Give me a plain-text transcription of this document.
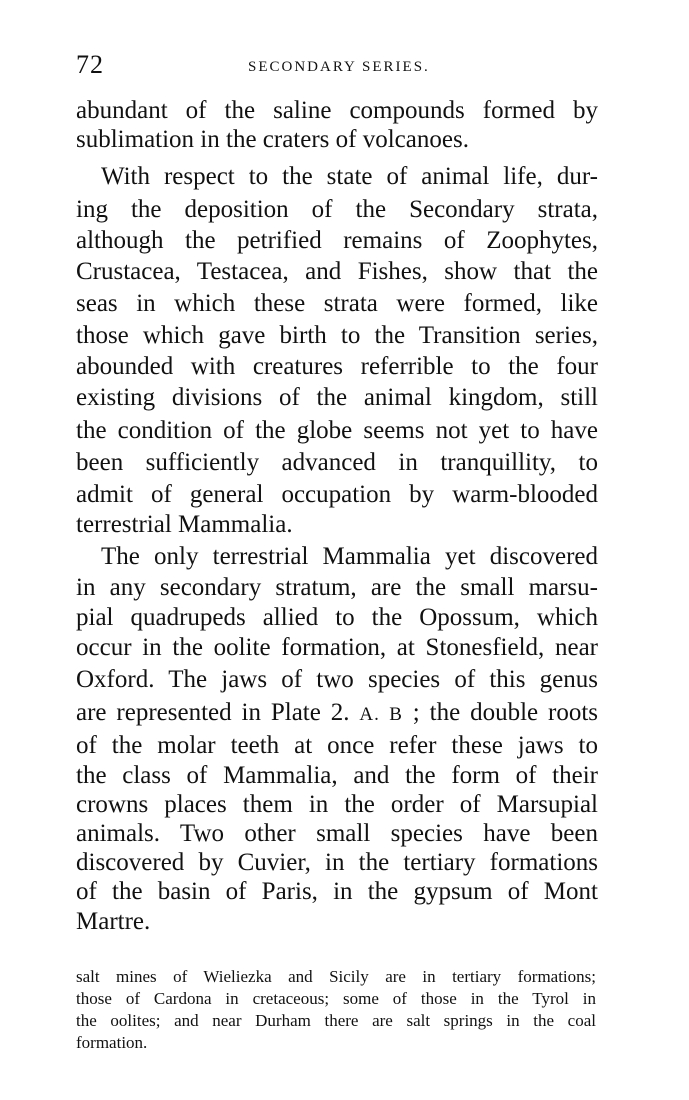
72	SECONDARY SERIES.
abundant of the saline compounds formed by
sublimation in the craters of volcanoes.
With respect to the state of animal life, dur-
ing the deposition of the Secondary strata,
although the petrified remains of Zoophytes,
Crustacea, Testacea, and Fishes, show that the
seas in which these strata were formed, like
those which gave birth to the Transition series,
abounded with creatures referrible to the four
existing divisions of the animal kingdom, still
the condition of the globe seems not yet to have
been sufficiently advanced in tranquillity, to
admit of general occupation by warm-blooded
terrestrial Mammalia.
The only terrestrial Mammalia yet discovered
in any secondary stratum, are the small marsu-
pial quadrupeds allied to the Opossum, which
occur in the oolite formation, at Stonesfield, near
Oxford. The jaws of two species of this genus
are represented in Plate 2. A. B ; the double roots
of the molar teeth at once refer these jaws to
the class of Mammalia, and the form of their
crowns places them in the order of Marsupial
animals. Two other small species have been
discovered by Cuvier, in the tertiary formations
of the basin of Paris, in the gypsum of Mont
Martre.
salt mines of Wieliezka and Sicily are in tertiary formations;
those of Cardona in cretaceous; some of those in the Tyrol in
the oolites; and near Durham there are salt springs in the coal
formation.
